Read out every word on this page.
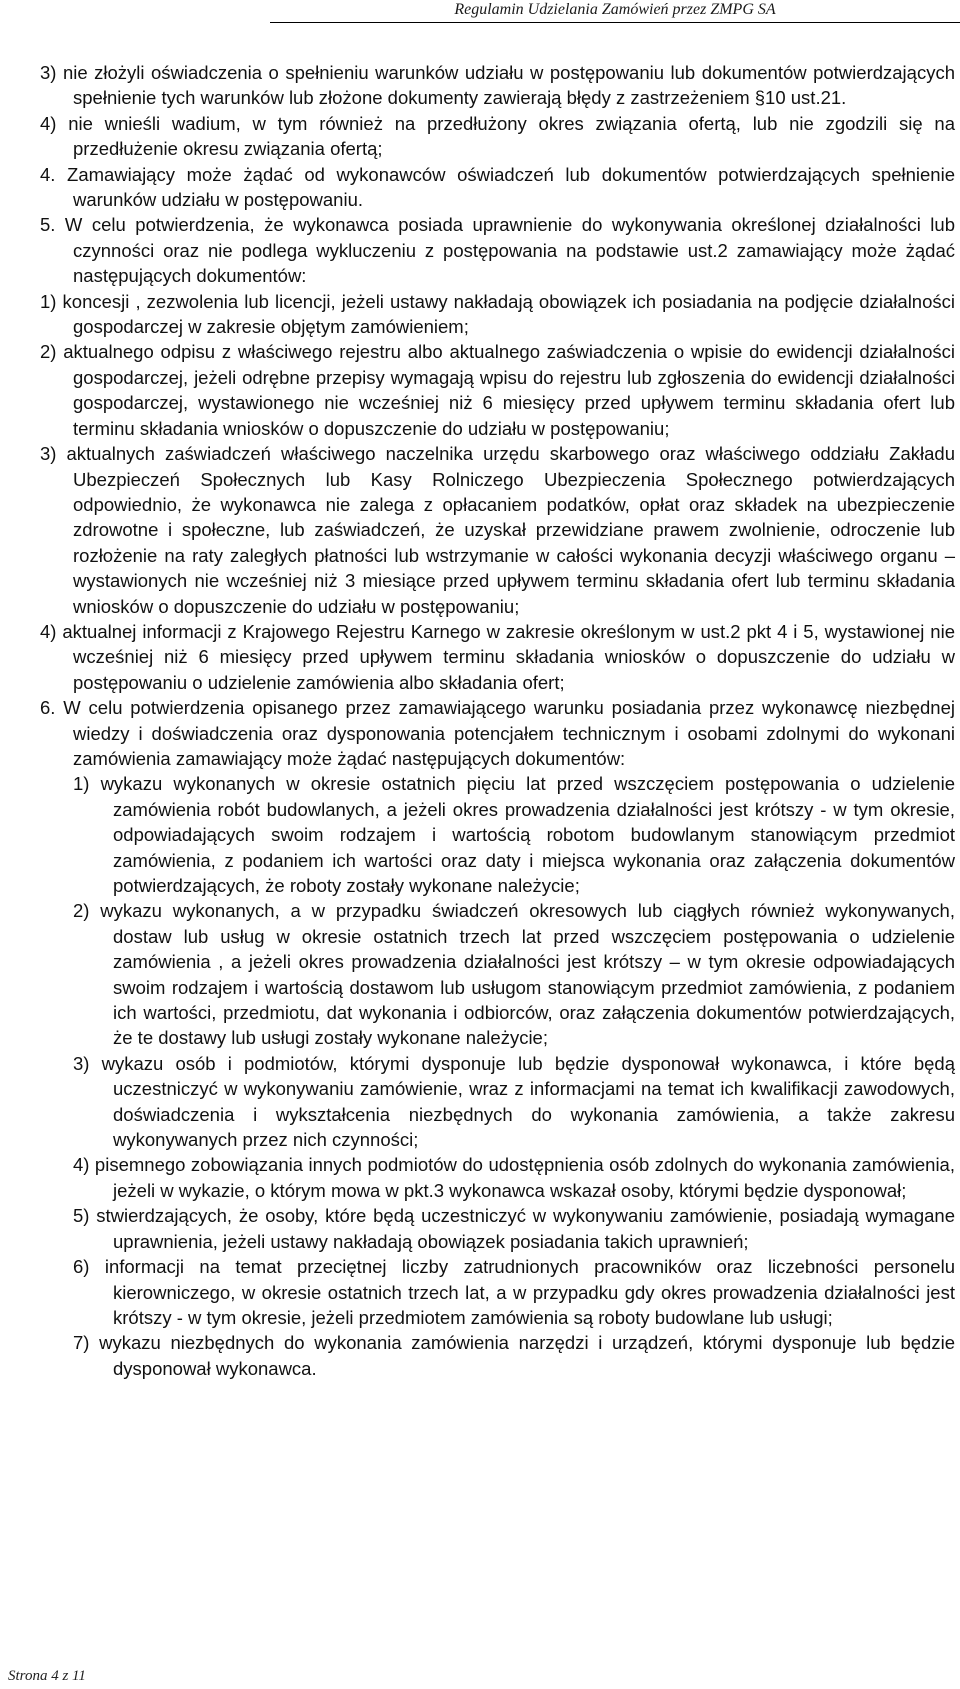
Regulamin Udzielania Zamówień przez ZMPG SA

3) nie złożyli oświadczenia o spełnieniu warunków udziału w postępowaniu lub dokumentów potwierdzających spełnienie tych warunków lub złożone dokumenty zawierają błędy z zastrzeżeniem §10 ust.21.

4) nie wnieśli wadium, w tym również na przedłużony okres związania ofertą, lub nie zgodzili się na przedłużenie okresu związania ofertą;

4. Zamawiający może żądać od wykonawców oświadczeń lub dokumentów potwierdzających spełnienie warunków udziału w postępowaniu.

5. W celu potwierdzenia, że wykonawca posiada uprawnienie do wykonywania określonej działalności lub czynności oraz nie podlega wykluczeniu z postępowania na podstawie ust.2 zamawiający może żądać następujących dokumentów:

1) koncesji , zezwolenia lub licencji, jeżeli ustawy nakładają obowiązek ich posiadania na podjęcie działalności gospodarczej w zakresie objętym zamówieniem;

2) aktualnego odpisu z właściwego rejestru albo aktualnego zaświadczenia o wpisie do ewidencji działalności gospodarczej, jeżeli odrębne przepisy wymagają wpisu do rejestru lub zgłoszenia do ewidencji działalności gospodarczej, wystawionego nie wcześniej niż 6 miesięcy przed upływem terminu składania ofert lub terminu składania wniosków o dopuszczenie do udziału w postępowaniu;

3) aktualnych zaświadczeń właściwego naczelnika urzędu skarbowego oraz właściwego oddziału Zakładu Ubezpieczeń Społecznych lub Kasy Rolniczego Ubezpieczenia Społecznego potwierdzających odpowiednio, że wykonawca nie zalega z opłacaniem podatków, opłat oraz składek na ubezpieczenie zdrowotne i społeczne, lub zaświadczeń, że uzyskał przewidziane prawem zwolnienie, odroczenie lub rozłożenie na raty zaległych płatności lub wstrzymanie w całości wykonania decyzji właściwego organu – wystawionych nie wcześniej niż 3 miesiące przed upływem terminu składania ofert lub terminu składania wniosków o dopuszczenie do udziału w postępowaniu;

4) aktualnej informacji z Krajowego Rejestru Karnego w zakresie określonym w ust.2 pkt 4 i 5, wystawionej nie wcześniej niż 6 miesięcy przed upływem terminu składania wniosków o dopuszczenie do udziału w postępowaniu o udzielenie zamówienia albo składania ofert;

6. W celu potwierdzenia opisanego przez zamawiającego warunku posiadania przez wykonawcę niezbędnej wiedzy i doświadczenia oraz dysponowania potencjałem technicznym i osobami zdolnymi do wykonani zamówienia zamawiający może żądać następujących dokumentów:

1) wykazu wykonanych w okresie ostatnich pięciu lat przed wszczęciem postępowania o udzielenie zamówienia robót budowlanych, a jeżeli okres prowadzenia działalności jest krótszy - w tym okresie, odpowiadających swoim rodzajem i wartością robotom budowlanym stanowiącym przedmiot zamówienia, z podaniem ich wartości oraz daty i miejsca wykonania oraz załączenia dokumentów potwierdzających, że roboty zostały wykonane należycie;

2) wykazu wykonanych, a w przypadku świadczeń okresowych lub ciągłych również wykonywanych, dostaw lub usług w okresie ostatnich trzech lat przed wszczęciem postępowania o udzielenie zamówienia , a jeżeli okres prowadzenia działalności jest krótszy – w tym okresie odpowiadających swoim rodzajem i wartością dostawom lub usługom stanowiącym przedmiot zamówienia, z podaniem ich wartości, przedmiotu, dat wykonania i odbiorców, oraz załączenia dokumentów potwierdzających, że te dostawy lub usługi zostały wykonane należycie;

3) wykazu osób i podmiotów, którymi dysponuje lub będzie dysponował wykonawca, i które będą uczestniczyć w wykonywaniu zamówienie, wraz z informacjami na temat ich kwalifikacji zawodowych, doświadczenia i wykształcenia niezbędnych do wykonania zamówienia, a także zakresu wykonywanych przez nich czynności;

4) pisemnego zobowiązania innych podmiotów do udostępnienia osób zdolnych do wykonania zamówienia, jeżeli w wykazie, o którym mowa w pkt.3 wykonawca wskazał osoby, którymi będzie dysponował;

5) stwierdzających, że osoby, które będą uczestniczyć w wykonywaniu zamówienie, posiadają wymagane uprawnienia, jeżeli ustawy nakładają obowiązek posiadania takich uprawnień;

6) informacji na temat przeciętnej liczby zatrudnionych pracowników oraz liczebności personelu kierowniczego, w okresie ostatnich trzech lat, a w przypadku gdy okres prowadzenia działalności jest krótszy - w tym okresie, jeżeli przedmiotem zamówienia są roboty budowlane lub usługi;

7) wykazu niezbędnych do wykonania zamówienia narzędzi i urządzeń, którymi dysponuje lub będzie dysponował wykonawca.

Strona 4 z 11
